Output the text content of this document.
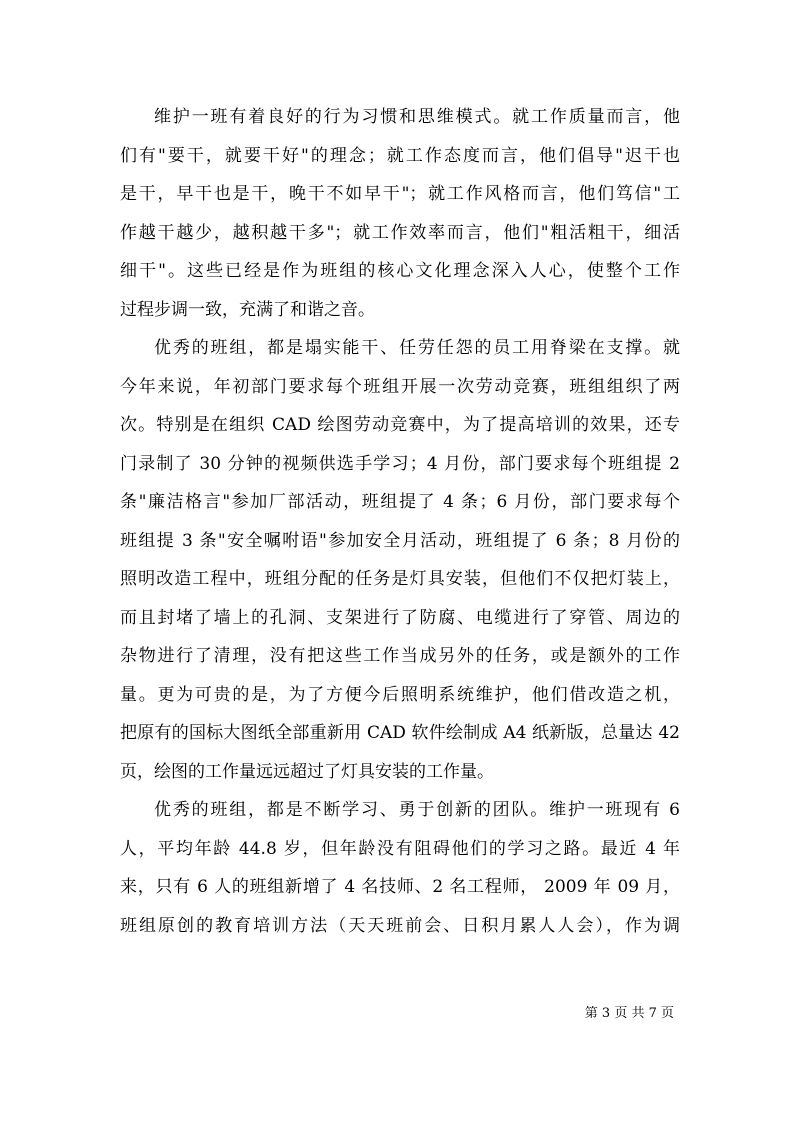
维护一班有着良好的行为习惯和思维模式。就工作质量而言，他
们有"要干，就要干好"的理念；就工作态度而言，他们倡导"迟干也
是干，早干也是干，晚干不如早干"；就工作风格而言，他们笃信"工
作越干越少，越积越干多"；就工作效率而言，他们"粗活粗干，细活
细干"。这些已经是作为班组的核心文化理念深入人心，使整个工作
过程步调一致，充满了和谐之音。
优秀的班组，都是塌实能干、任劳任怨的员工用脊梁在支撑。就
今年来说，年初部门要求每个班组开展一次劳动竞赛，班组组织了两
次。特别是在组织 CAD 绘图劳动竞赛中，为了提高培训的效果，还专
门录制了 30 分钟的视频供选手学习；4 月份，部门要求每个班组提 2
条"廉洁格言"参加厂部活动，班组提了 4 条；6 月份，部门要求每个
班组提 3 条"安全嘱咐语"参加安全月活动，班组提了 6 条；8 月份的
照明改造工程中，班组分配的任务是灯具安装，但他们不仅把灯装上，
而且封堵了墙上的孔洞、支架进行了防腐、电缆进行了穿管、周边的
杂物进行了清理，没有把这些工作当成另外的任务，或是额外的工作
量。更为可贵的是，为了方便今后照明系统维护，他们借改造之机，
把原有的国标大图纸全部重新用 CAD 软件绘制成 A4 纸新版，总量达 42
页，绘图的工作量远远超过了灯具安装的工作量。
优秀的班组，都是不断学习、勇于创新的团队。维护一班现有 6
人，平均年龄 44.8 岁，但年龄没有阻碍他们的学习之路。最近 4 年
来，只有 6 人的班组新增了 4 名技师、2 名工程师， 2009 年 09 月，
班组原创的教育培训方法（天天班前会、日积月累人人会），作为调
第 3 页 共 7 页
